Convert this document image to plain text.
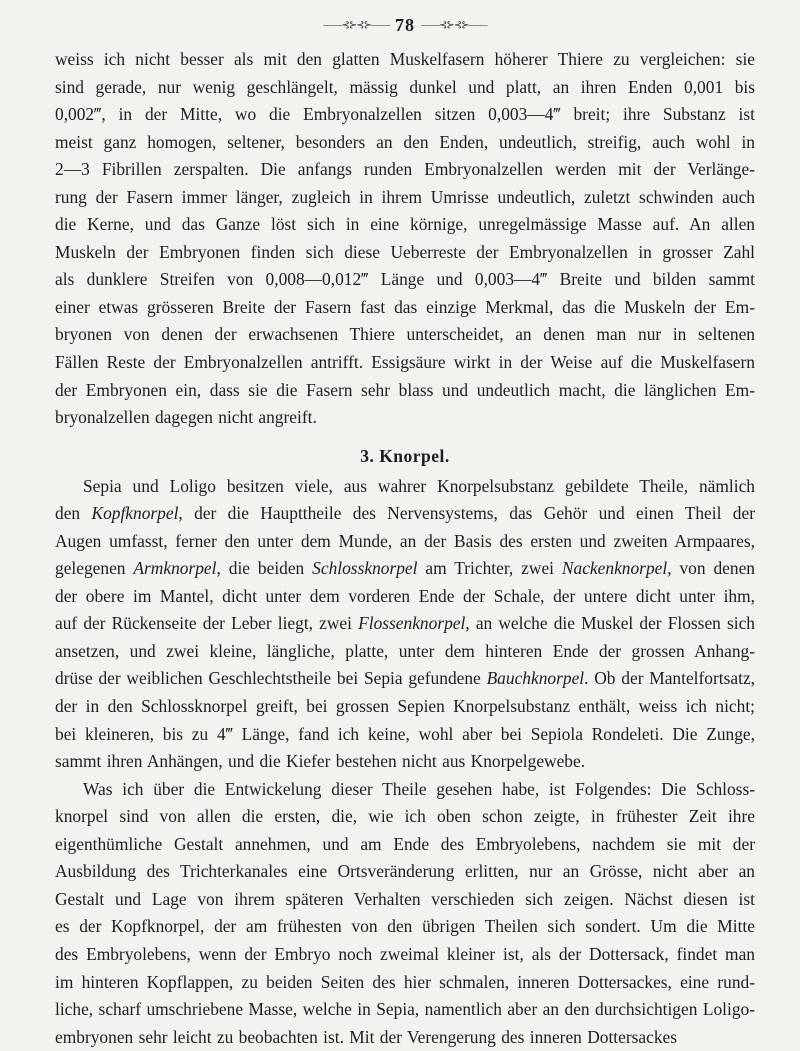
——⊰⊱⊰⊱—— 78 ——⊰⊱⊰⊱——
weiss ich nicht besser als mit den glatten Muskelfasern höherer Thiere zu vergleichen: sie
sind gerade, nur wenig geschlängelt, mässig dunkel und platt, an ihren Enden 0,001 bis
0,002‴, in der Mitte, wo die Embryonalzellen sitzen 0,003—4‴ breit; ihre Substanz ist
meist ganz homogen, seltener, besonders an den Enden, undeutlich, streifig, auch wohl in
2—3 Fibrillen zerspalten. Die anfangs runden Embryonalzellen werden mit der Verlänge-
rung der Fasern immer länger, zugleich in ihrem Umrisse undeutlich, zuletzt schwinden auch
die Kerne, und das Ganze löst sich in eine körnige, unregelmässige Masse auf. An allen
Muskeln der Embryonen finden sich diese Ueberreste der Embryonalzellen in grosser Zahl
als dunklere Streifen von 0,008—0,012‴ Länge und 0,003—4‴ Breite und bilden sammt
einer etwas grösseren Breite der Fasern fast das einzige Merkmal, das die Muskeln der Em-
bryonen von denen der erwachsenen Thiere unterscheidet, an denen man nur in seltenen
Fällen Reste der Embryonalzellen antrifft. Essigsäure wirkt in der Weise auf die Muskelfasern
der Embryonen ein, dass sie die Fasern sehr blass und undeutlich macht, die länglichen Em-
bryonalzellen dagegen nicht angreift.
3. Knorpel.
Sepia und Loligo besitzen viele, aus wahrer Knorpelsubstanz gebildete Theile, nämlich
den Kopfknorpel, der die Haupttheile des Nervensystems, das Gehör und einen Theil der
Augen umfasst, ferner den unter dem Munde, an der Basis des ersten und zweiten Armpaares,
gelegenen Armknorpel, die beiden Schlossknorpel am Trichter, zwei Nackenknorpel, von denen
der obere im Mantel, dicht unter dem vorderen Ende der Schale, der untere dicht unter ihm,
auf der Rückenseite der Leber liegt, zwei Flossenknorpel, an welche die Muskel der Flossen sich
ansetzen, und zwei kleine, längliche, platte, unter dem hinteren Ende der grossen Anhang-
drüse der weiblichen Geschlechtstheile bei Sepia gefundene Bauchknorpel. Ob der Mantelfortsatz,
der in den Schlossknorpel greift, bei grossen Sepien Knorpelsubstanz enthält, weiss ich nicht;
bei kleineren, bis zu 4‴ Länge, fand ich keine, wohl aber bei Sepiola Rondeleti. Die Zunge,
sammt ihren Anhängen, und die Kiefer bestehen nicht aus Knorpelgewebe.
Was ich über die Entwickelung dieser Theile gesehen habe, ist Folgendes: Die Schloss-
knorpel sind von allen die ersten, die, wie ich oben schon zeigte, in frühester Zeit ihre
eigenthümliche Gestalt annehmen, und am Ende des Embryolebens, nachdem sie mit der
Ausbildung des Trichterkanales eine Ortsveränderung erlitten, nur an Grösse, nicht aber an
Gestalt und Lage von ihrem späteren Verhalten verschieden sich zeigen. Nächst diesen ist
es der Kopfknorpel, der am frühesten von den übrigen Theilen sich sondert. Um die Mitte
des Embryolebens, wenn der Embryo noch zweimal kleiner ist, als der Dottersack, findet man
im hinteren Kopflappen, zu beiden Seiten des hier schmalen, inneren Dottersackes, eine rund-
liche, scharf umschriebene Masse, welche in Sepia, namentlich aber an den durchsichtigen Loligo-
embryonen sehr leicht zu beobachten ist. Mit der Verengerung des inneren Dottersackes
